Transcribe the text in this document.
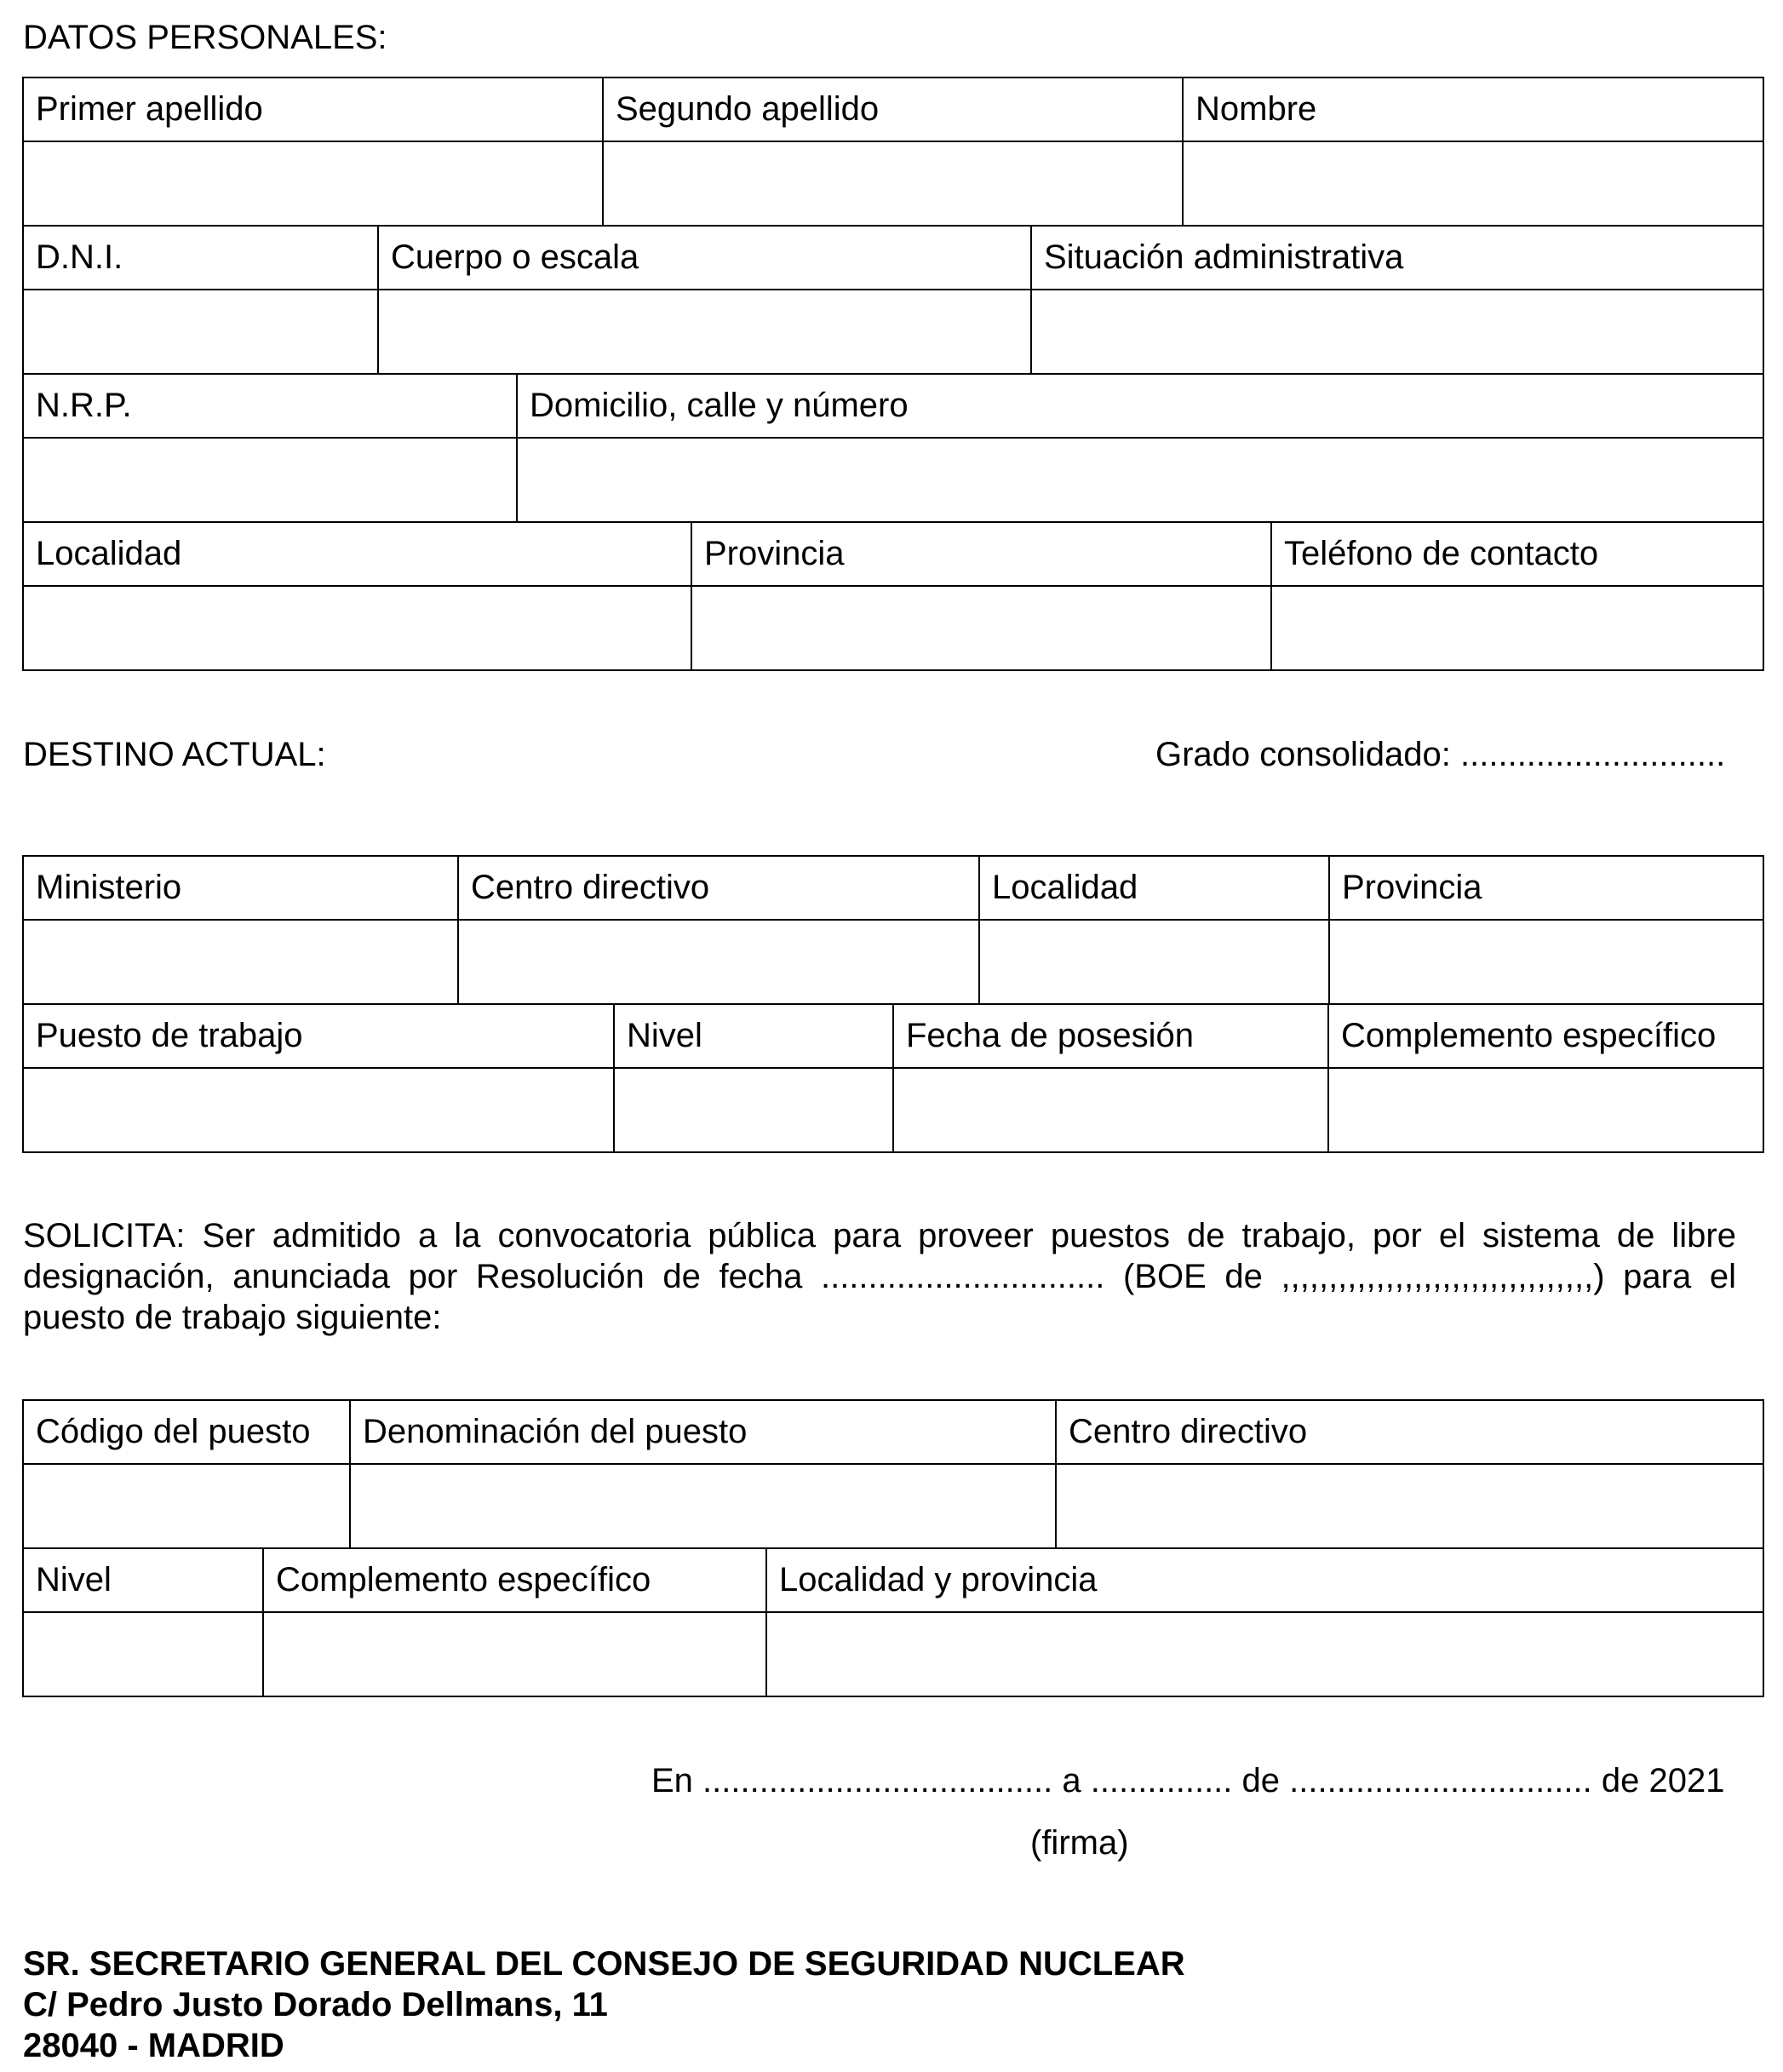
DATOS PERSONALES:
Primer apellido	Segundo apellido	Nombre

D.N.I.	Cuerpo o escala	Situación administrativa

N.R.P.	Domicilio, calle y número

Localidad	Provincia	Teléfono de contacto

DESTINO ACTUAL:	Grado consolidado: ............................
Ministerio	Centro directivo	Localidad	Provincia

Puesto de trabajo	Nivel	Fecha de posesión	Complemento específico

SOLICITA: Ser admitido a la convocatoria pública para proveer puestos de trabajo, por el sistema de libre designación, anunciada por Resolución de fecha .............................. (BOE de ,,,,,,,,,,,,,,,,,,,,,,,,,,,,,,,,,) para el puesto de trabajo siguiente:
Código del puesto	Denominación del puesto	Centro directivo

Nivel	Complemento específico	Localidad y provincia

En ..................................... a ............... de ................................ de 2021
(firma)
SR. SECRETARIO GENERAL DEL CONSEJO DE SEGURIDAD NUCLEAR
C/ Pedro Justo Dorado Dellmans, 11
28040 - MADRID
